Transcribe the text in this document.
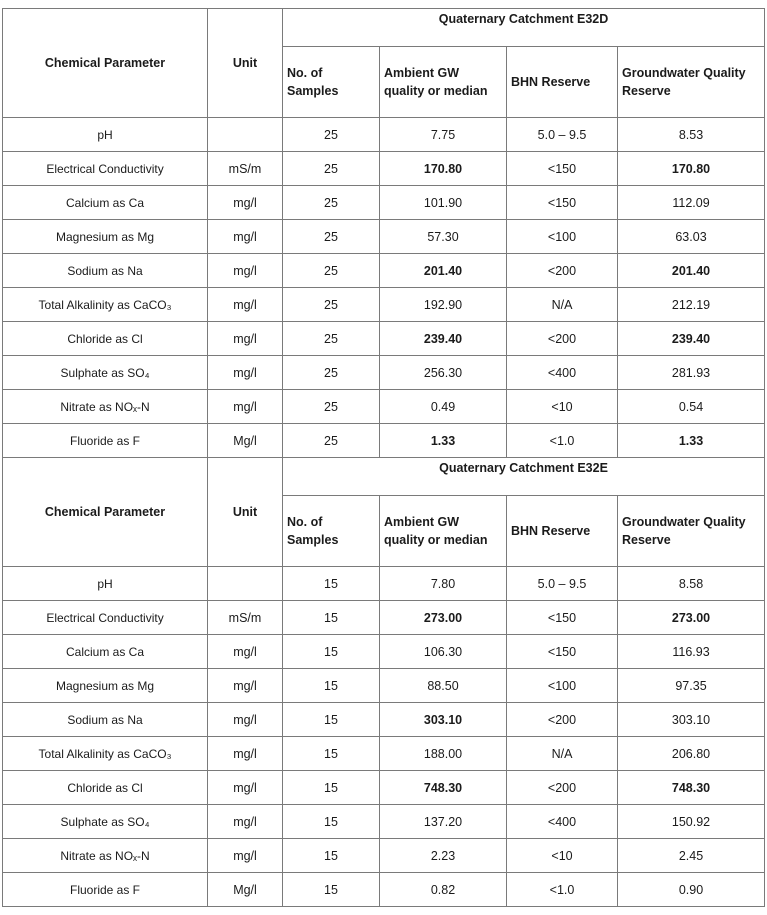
Chemical Parameter	Unit	Quaternary Catchment E32D			
		No. of Samples	Ambient GW quality or median	BHN Reserve	Groundwater Quality Reserve
pH		25	7.75	5.0 – 9.5	8.53
Electrical Conductivity	mS/m	25	170.80	<150	170.80
Calcium as Ca	mg/l	25	101.90	<150	112.09
Magnesium as Mg	mg/l	25	57.30	<100	63.03
Sodium as Na	mg/l	25	201.40	<200	201.40
Total Alkalinity as CaCO₃	mg/l	25	192.90	N/A	212.19
Chloride as Cl	mg/l	25	239.40	<200	239.40
Sulphate as SO₄	mg/l	25	256.30	<400	281.93
Nitrate as NOₓ-N	mg/l	25	0.49	<10	0.54
Fluoride as F	Mg/l	25	1.33	<1.0	1.33
Chemical Parameter	Unit	Quaternary Catchment E32E			
		No. of Samples	Ambient GW quality or median	BHN Reserve	Groundwater Quality Reserve
pH		15	7.80	5.0 – 9.5	8.58
Electrical Conductivity	mS/m	15	273.00	<150	273.00
Calcium as Ca	mg/l	15	106.30	<150	116.93
Magnesium as Mg	mg/l	15	88.50	<100	97.35
Sodium as Na	mg/l	15	303.10	<200	303.10
Total Alkalinity as CaCO₃	mg/l	15	188.00	N/A	206.80
Chloride as Cl	mg/l	15	748.30	<200	748.30
Sulphate as SO₄	mg/l	15	137.20	<400	150.92
Nitrate as NOₓ-N	mg/l	15	2.23	<10	2.45
Fluoride as F	Mg/l	15	0.82	<1.0	0.90
